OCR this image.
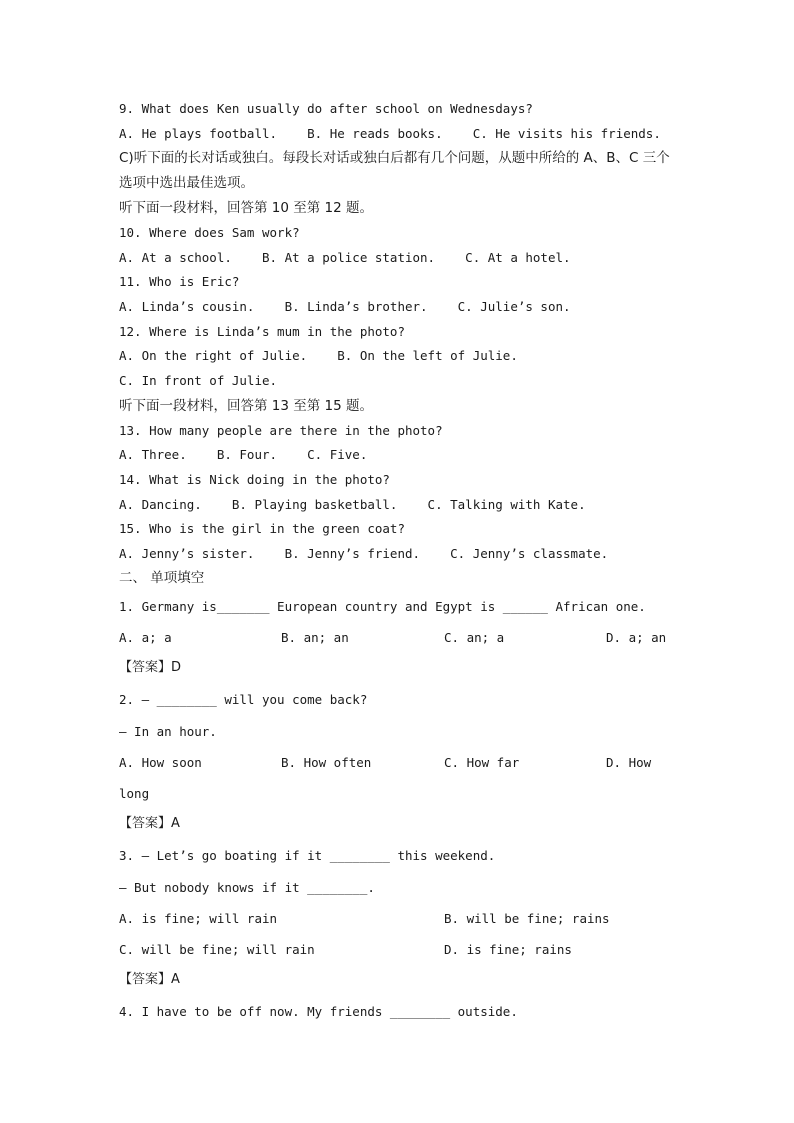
9. What does Ken usually do after school on Wednesdays?
A. He plays football.    B. He reads books.    C. He visits his friends.
C)听下面的长对话或独白。每段长对话或独白后都有几个问题，从题中所给的 A、B、C 三个
选项中选出最佳选项。
听下面一段材料，回答第 10 至第 12 题。
10. Where does Sam work?
A. At a school.    B. At a police station.    C. At a hotel.
11. Who is Eric?
A. Linda’s cousin.    B. Linda’s brother.    C. Julie’s son.
12. Where is Linda’s mum in the photo?
A. On the right of Julie.    B. On the left of Julie.
C. In front of Julie.
听下面一段材料，回答第 13 至第 15 题。
13. How many people are there in the photo?
A. Three.    B. Four.    C. Five.
14. What is Nick doing in the photo?
A. Dancing.    B. Playing basketball.    C. Talking with Kate.
15. Who is the girl in the green coat?
A. Jenny’s sister.    B. Jenny’s friend.    C. Jenny’s classmate.
二、 单项填空
1. Germany is_______ European country and Egypt is ______ African one.
A. a; a	B. an; an	C. an; a	D. a; an
【答案】D
2. — ________ will you come back?
— In an hour.
A. How soon	B. How often	C. How far	D. How
long
【答案】A
3. — Let’s go boating if it ________ this weekend.
— But nobody knows if it ________.
A. is fine; will rain	B. will be fine; rains
C. will be fine; will rain	D. is fine; rains
【答案】A
4. I have to be off now. My friends ________ outside.
